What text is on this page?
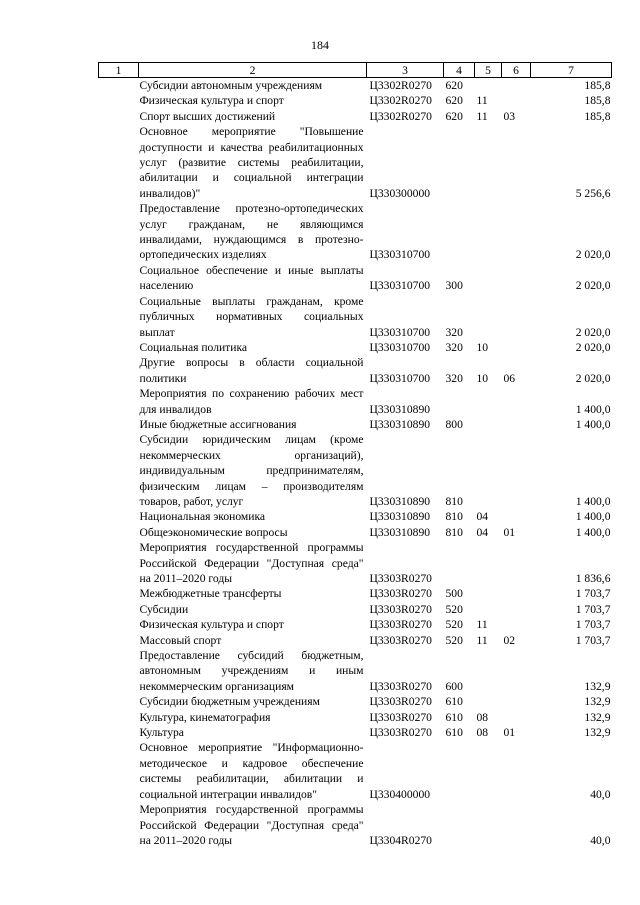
184
1	2	3	4	5	6	7
	Субсидии автономным учреждениям	Ц3302R0270	620			185,8
	Физическая культура и спорт	Ц3302R0270	620	11		185,8
	Спорт высших достижений	Ц3302R0270	620	11	03	185,8
	Основное мероприятие "Повышение доступности и качества реабилитационных услуг (развитие системы реабилитации, абилитации и социальной интеграции инвалидов)"	Ц330300000				5 256,6
	Предоставление протезно-ортопедических услуг гражданам, не являющимся инвалидами, нуждающимся в протезно-ортопедических изделиях	Ц330310700				2 020,0
	Социальное обеспечение и иные выплаты населению	Ц330310700	300			2 020,0
	Социальные выплаты гражданам, кроме публичных нормативных социальных выплат	Ц330310700	320			2 020,0
	Социальная политика	Ц330310700	320	10		2 020,0
	Другие вопросы в области социальной политики	Ц330310700	320	10	06	2 020,0
	Мероприятия по сохранению рабочих мест для инвалидов	Ц330310890				1 400,0
	Иные бюджетные ассигнования	Ц330310890	800			1 400,0
	Субсидии юридическим лицам (кроме некоммерческих организаций), индивидуальным предпринимателям, физическим лицам – производителям товаров, работ, услуг	Ц330310890	810			1 400,0
	Национальная экономика	Ц330310890	810	04		1 400,0
	Общеэкономические вопросы	Ц330310890	810	04	01	1 400,0
	Мероприятия государственной программы Российской Федерации "Доступная среда" на 2011–2020 годы	Ц3303R0270				1 836,6
	Межбюджетные трансферты	Ц3303R0270	500			1 703,7
	Субсидии	Ц3303R0270	520			1 703,7
	Физическая культура и спорт	Ц3303R0270	520	11		1 703,7
	Массовый спорт	Ц3303R0270	520	11	02	1 703,7
	Предоставление субсидий бюджетным, автономным учреждениям и иным некоммерческим организациям	Ц3303R0270	600			132,9
	Субсидии бюджетным учреждениям	Ц3303R0270	610			132,9
	Культура, кинематография	Ц3303R0270	610	08		132,9
	Культура	Ц3303R0270	610	08	01	132,9
	Основное мероприятие "Информационно-методическое и кадровое обеспечение системы реабилитации, абилитации и социальной интеграции инвалидов"	Ц330400000				40,0
	Мероприятия государственной программы Российской Федерации "Доступная среда" на 2011–2020 годы	Ц3304R0270				40,0
